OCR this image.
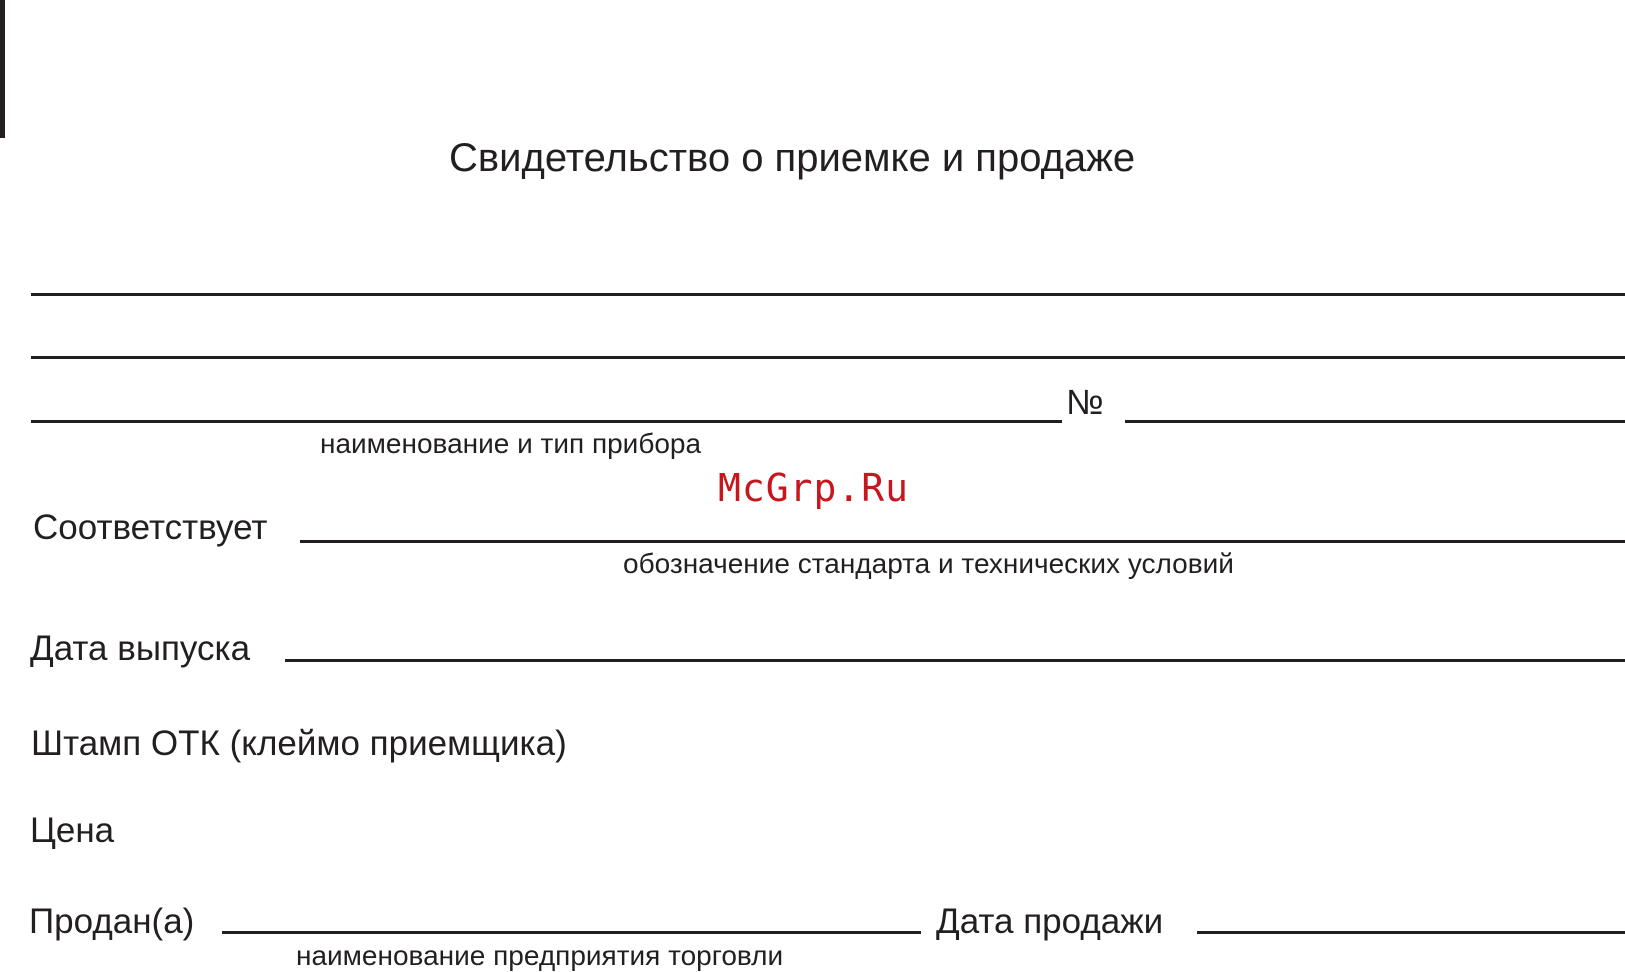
Свидетельство о приемке и продаже
№
наименование и тип прибора
McGrp.Ru
Соответствует
обозначение стандарта и технических условий
Дата выпуска
Штамп ОТК (клеймо приемщика)
Цена
Продан(а)
наименование предприятия торговли
Дата продажи
